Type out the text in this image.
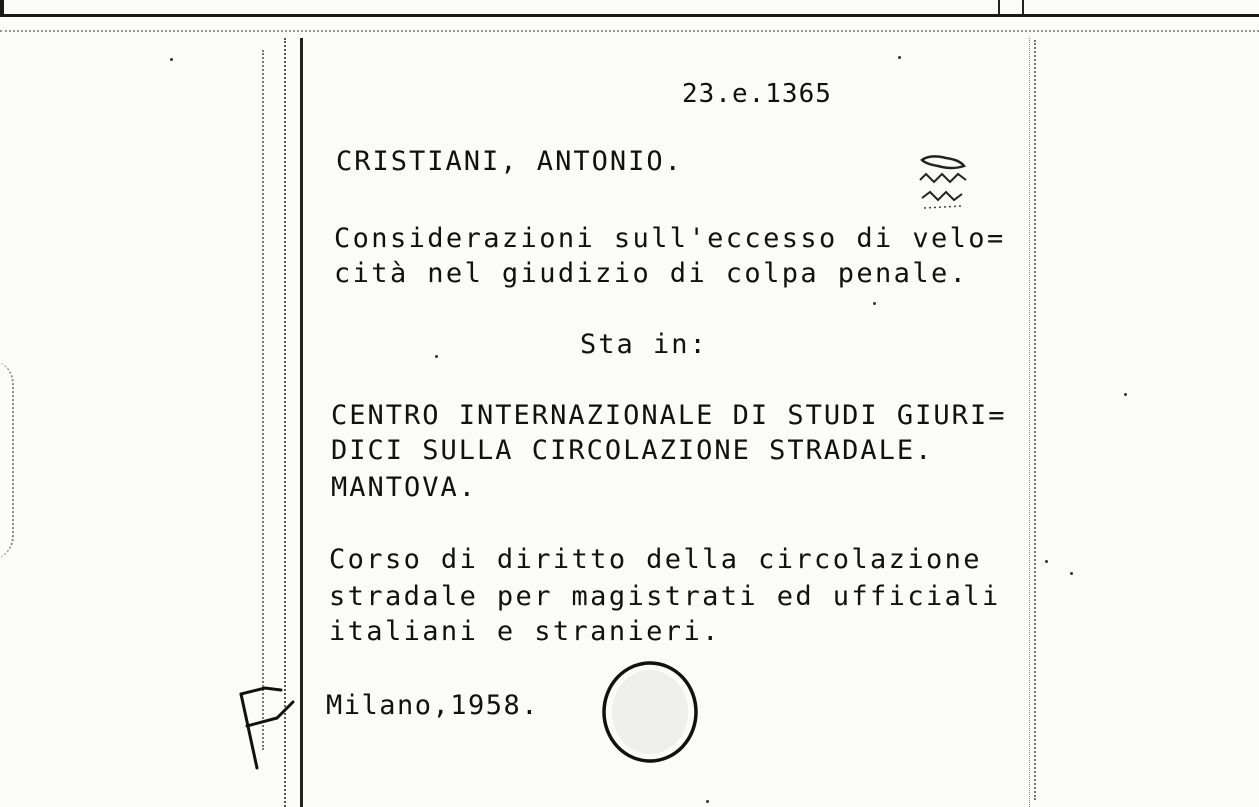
23.e.1365
CRISTIANI, ANTONIO.
Considerazioni sull'eccesso di velo=
cità nel giudizio di colpa penale.
Sta in:
CENTRO INTERNAZIONALE DI STUDI GIURI=
DICI SULLA CIRCOLAZIONE STRADALE.
MANTOVA.
Corso di diritto della circolazione
stradale per magistrati ed ufficiali
italiani e stranieri.
Milano,1958.
